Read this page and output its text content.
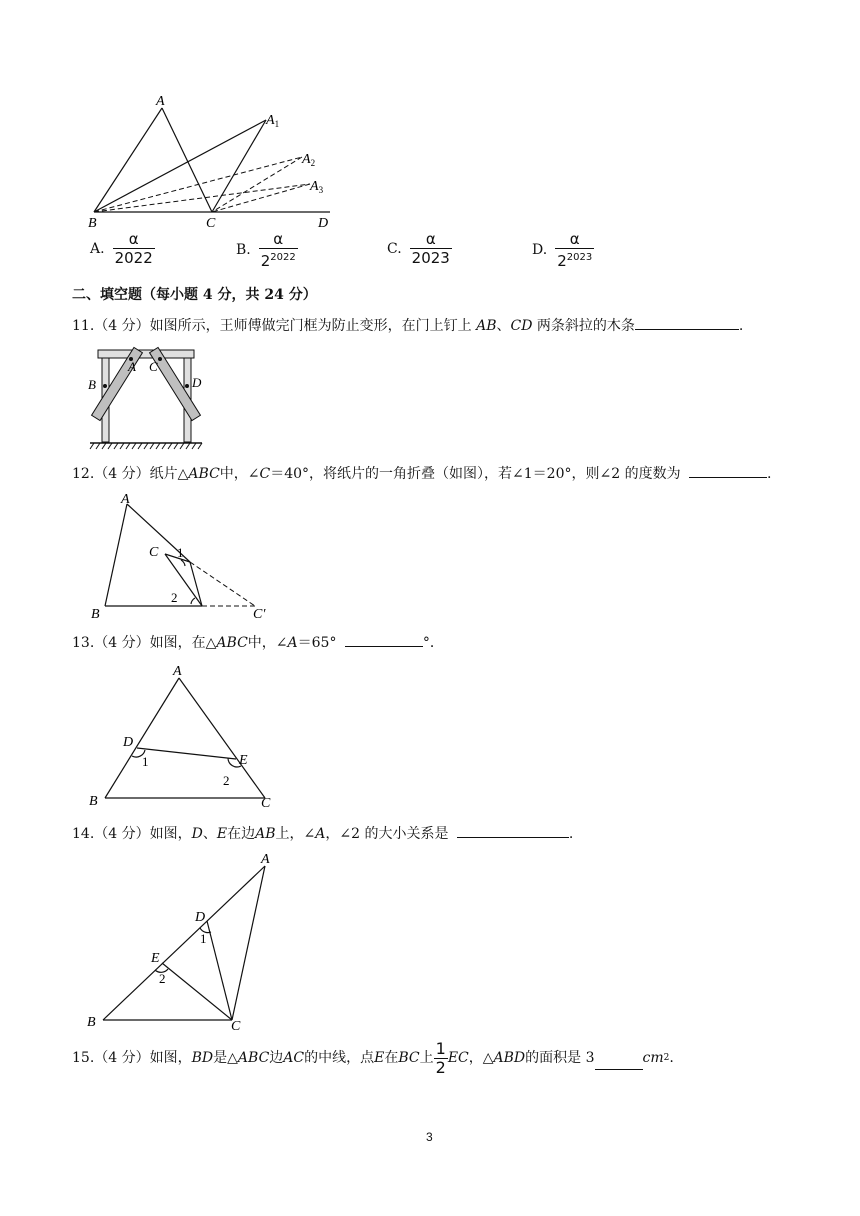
A
$A_1$
$A_2$
$A_3$
B	C	D
A. $\frac{\alpha}{2022}$	B. $\frac{\alpha}{2^{2022}}$	C. $\frac{\alpha}{2023}$	D. $\frac{\alpha}{2^{2023}}$
二、填空题（每小题 4 分，共 24 分）
11.（4 分）如图所示，王师傅做完门框为防止变形，在门上钉上 AB、CD 两条斜拉的木条	.
A
B
C
D
12.（4 分）纸片△ABC中，∠C＝40°，将纸片的一角折叠（如图），若∠1＝20°，则∠2 的度数为	.
A
B
C
C′
1
2
13.（4 分）如图，在△ABC中，∠A＝65°	°．
A
B	C
D
E
1
2
14.（4 分）如图，D、E在边AB上，∠A，∠2 的大小关系是	.
A
B	C
D
E
1
2
15. （4 分） 如图， BD 是△ ABC 边 AC 的中线，点 E 在 BC 上 $\frac{1}{2}$ EC ，△ ABD 的面积是 3	cm 2 .
3
